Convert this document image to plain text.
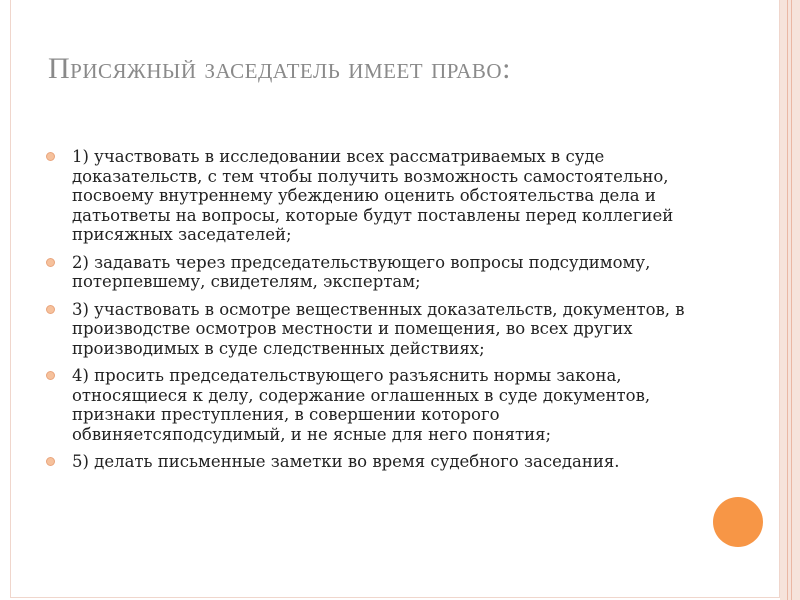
Присяжный заседатель имеет право:
1) участвовать в исследовании всех рассматриваемых в суде доказательств, с тем чтобы получить возможность самостоятельно, посвоему внутреннему убеждению оценить обстоятельства дела и датьответы на вопросы, которые будут поставлены перед коллегией присяжных заседателей;
2) задавать через председательствующего вопросы подсудимому, потерпевшему, свидетелям, экспертам;
3) участвовать в осмотре вещественных доказательств, документов, в производстве осмотров местности и помещения, во всех других производимых в суде следственных действиях;
4) просить председательствующего разъяснить нормы закона, относящиеся к делу, содержание оглашенных в суде документов, признаки преступления, в совершении которого обвиняетсяподсудимый, и не ясные для него понятия;
5) делать письменные заметки во время судебного заседания.
